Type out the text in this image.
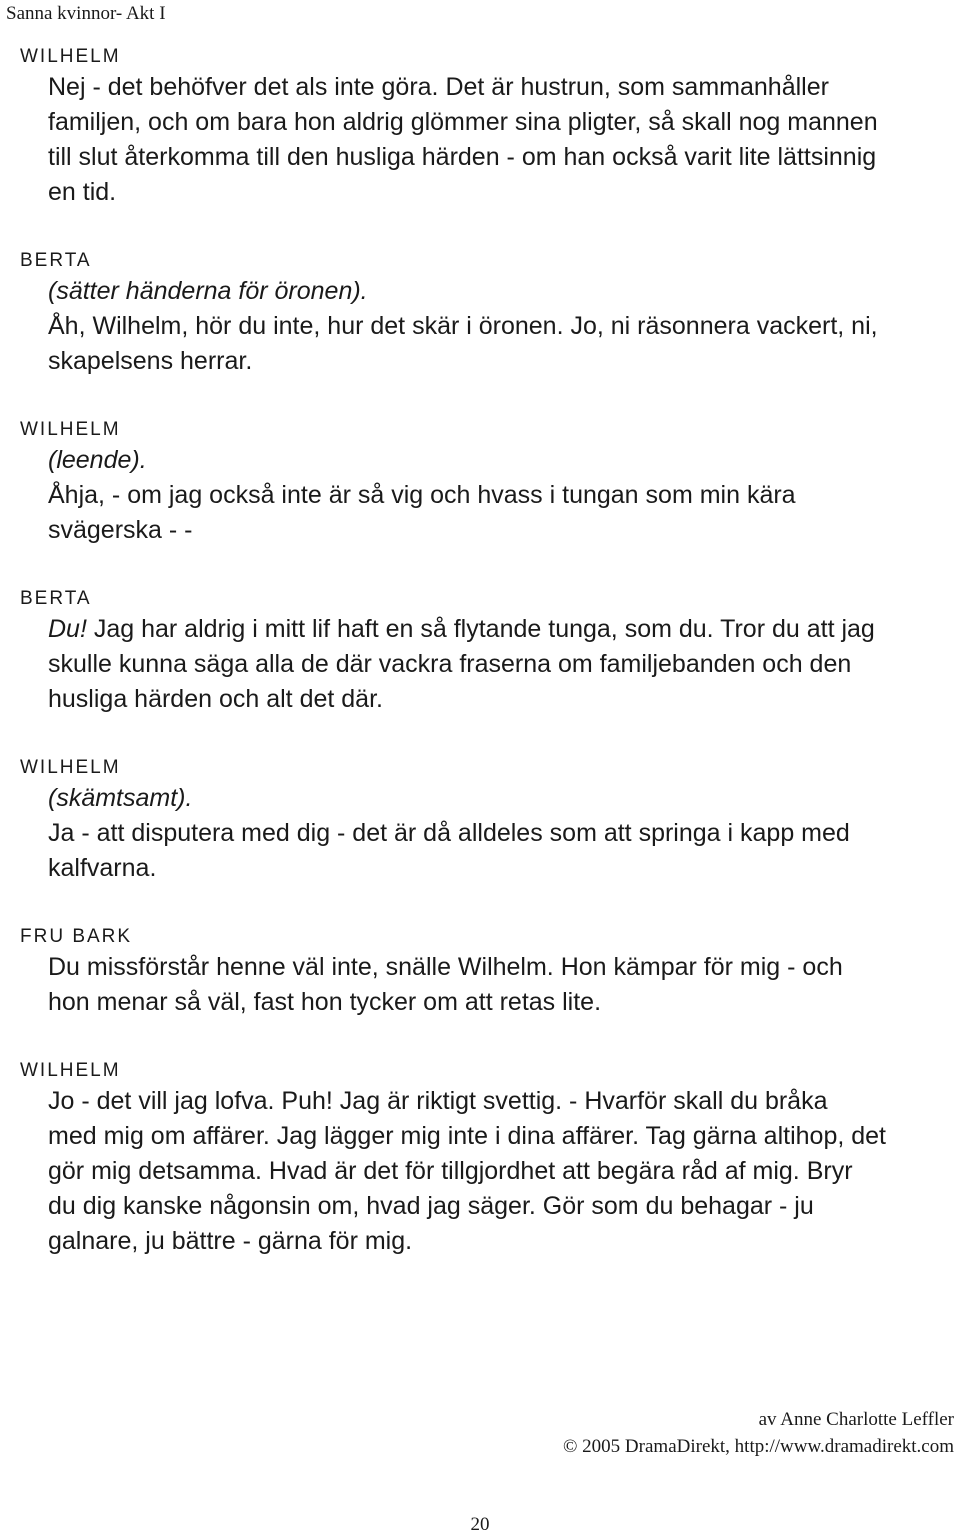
Sanna kvinnor- Akt I
WILHELM
Nej - det behöfver det als inte göra. Det är hustrun, som sammanhåller
familjen, och om bara hon aldrig glömmer sina pligter, så skall nog mannen
till slut återkomma till den husliga härden - om han också varit lite lättsinnig
en tid.
BERTA
(sätter händerna för öronen).
Åh, Wilhelm, hör du inte, hur det skär i öronen. Jo, ni räsonnera vackert, ni,
skapelsens herrar.
WILHELM
(leende).
Åhja, - om jag också inte är så vig och hvass i tungan som min kära
svägerska - -
BERTA
Du! Jag har aldrig i mitt lif haft en så flytande tunga, som du. Tror du att jag
skulle kunna säga alla de där vackra fraserna om familjebanden och den
husliga härden och alt det där.
WILHELM
(skämtsamt).
Ja - att disputera med dig - det är då alldeles som att springa i kapp med
kalfvarna.
FRU BARK
Du missförstår henne väl inte, snälle Wilhelm. Hon kämpar för mig - och
hon menar så väl, fast hon tycker om att retas lite.
WILHELM
Jo - det vill jag lofva. Puh! Jag är riktigt svettig. - Hvarför skall du bråka
med mig om affärer. Jag lägger mig inte i dina affärer. Tag gärna altihop, det
gör mig detsamma. Hvad är det för tillgjordhet att begära råd af mig. Bryr
du dig kanske någonsin om, hvad jag säger. Gör som du behagar - ju
galnare, ju bättre - gärna för mig.
av Anne Charlotte Leffler
© 2005 DramaDirekt, http://www.dramadirekt.com
20
